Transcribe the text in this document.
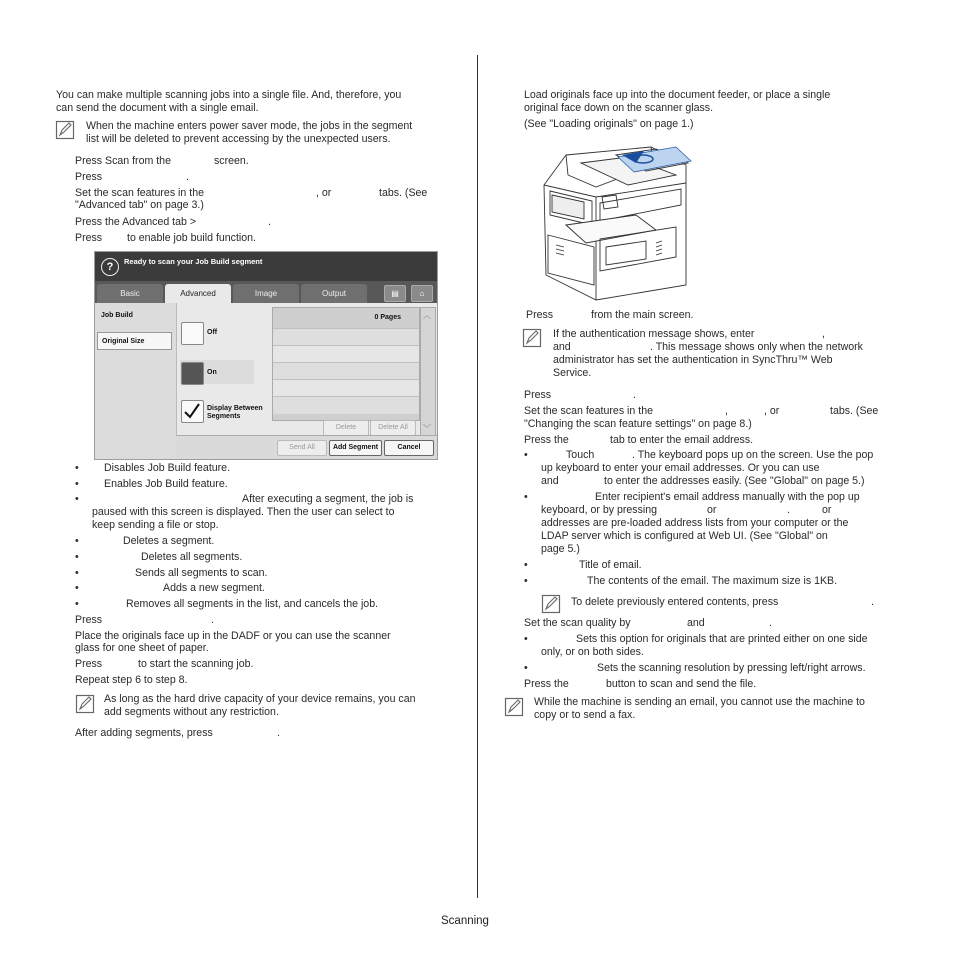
You can make multiple scanning jobs into a single file. And, therefore, you
can send the document with a single email.
When the machine enters power saver mode, the jobs in the segment
list will be deleted to prevent accessing by the unexpected users.
Press Scan from the	screen.
Press	.
Set the scan features in the	, or	tabs. (See
"Advanced tab" on page 3.)
Press the Advanced tab >	.
Press to enable job build function.
?	Ready to scan your Job Build segment
Basic	Advanced	Image	Output	▤	⌂
Job Build
Original Size
Off
On
Display Between Segments
0 Pages	︿
﹀
Delete	Delete All
Send All	Add Segment	Cancel
• Disables Job Build feature.
• Enables Job Build feature.
•	After executing a segment, the job is
paused with this screen is displayed. Then the user can select to
keep sending a file or stop.
•	Deletes a segment.
•	Deletes all segments.
•	Sends all segments to scan.
•	Adds a new segment.
•	Removes all segments in the list, and cancels the job.
Press	.
Place the originals face up in the DADF or you can use the scanner
glass for one sheet of paper.
Press	to start the scanning job.
Repeat step 6 to step 8.
As long as the hard drive capacity of your device remains, you can
add segments without any restriction.
After adding segments, press	.
Load originals face up into the document feeder, or place a single
original face down on the scanner glass.
(See "Loading originals" on page 1.)
Press	from the main screen.
If the authentication message shows, enter	,
and	. This message shows only when the network
administrator has set the authentication in SyncThru™ Web
Service.
Press	.
Set the scan features in the	,	, or	tabs. (See
"Changing the scan feature settings" on page 8.)
Press the	tab to enter the email address.
•	Touch	. The keyboard pops up on the screen. Use the pop
up keyboard to enter your email addresses. Or you can use
and	to enter the addresses easily. (See "Global" on page 5.)
•	Enter recipient's email address manually with the pop up
keyboard, or by pressing	or	.	or
addresses are pre-loaded address lists from your computer or the
LDAP server which is configured at Web UI. (See "Global" on
page 5.)
•	Title of email.
•	The contents of the email. The maximum size is 1KB.
To delete previously entered contents, press	.
Set the scan quality by	and	.
•	Sets this option for originals that are printed either on one side
only, or on both sides.
•	Sets the scanning resolution by pressing left/right arrows.
Press the	button to scan and send the file.
While the machine is sending an email, you cannot use the machine to
copy or to send a fax.
Scanning
